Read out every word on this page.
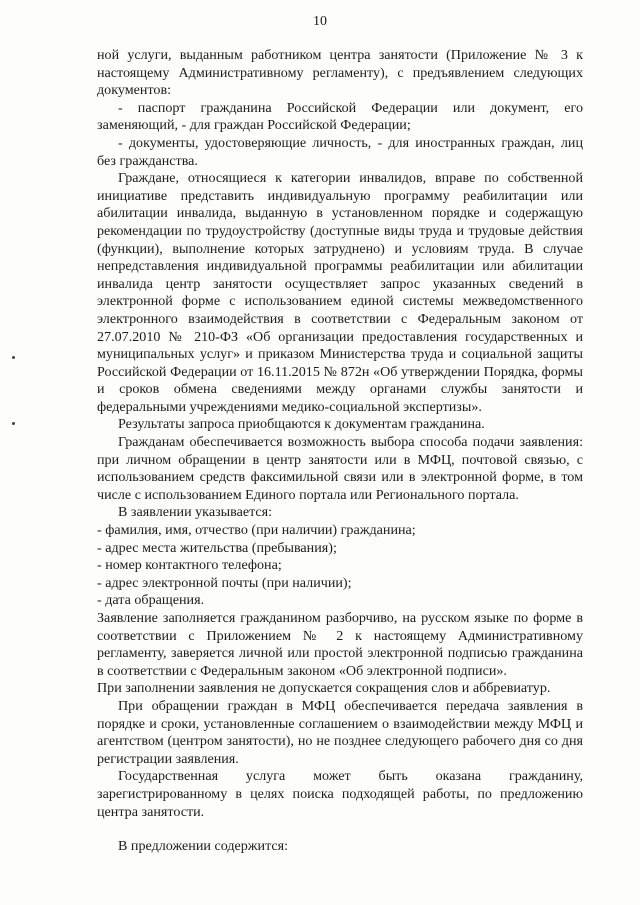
10

ной услуги, выданным работником центра занятости (Приложение № 3 к настоящему Административному регламенту), с предъявлением следующих документов:

- паспорт гражданина Российской Федерации или документ, его заменяющий, - для граждан Российской Федерации;

- документы, удостоверяющие личность, - для иностранных граждан, лиц без гражданства.

Граждане, относящиеся к категории инвалидов, вправе по собственной инициативе представить индивидуальную программу реабилитации или абилитации инвалида, выданную в установленном порядке и содержащую рекомендации по трудоустройству (доступные виды труда и трудовые действия (функции), выполнение которых затруднено) и условиям труда. В случае непредставления индивидуальной программы реабилитации или абилитации инвалида центр занятости осуществляет запрос указанных сведений в электронной форме с использованием единой системы межведомственного электронного взаимодействия в соответствии с Федеральным законом от 27.07.2010 № 210-ФЗ «Об организации предоставления государственных и муниципальных услуг» и приказом Министерства труда и социальной защиты Российской Федерации от 16.11.2015 № 872н «Об утверждении Порядка, формы и сроков обмена сведениями между органами службы занятости и федеральными учреждениями медико-социальной экспертизы».

Результаты запроса приобщаются к документам гражданина.

Гражданам обеспечивается возможность выбора способа подачи заявления: при личном обращении в центр занятости или в МФЦ, почтовой связью, с использованием средств факсимильной связи или в электронной форме, в том числе с использованием Единого портала или Регионального портала.

В заявлении указывается:

- фамилия, имя, отчество (при наличии) гражданина;

- адрес места жительства (пребывания);

- номер контактного телефона;

- адрес электронной почты (при наличии);

- дата обращения.

Заявление заполняется гражданином разборчиво, на русском языке по форме в соответствии с Приложением № 2 к настоящему Административному регламенту, заверяется личной или простой электронной подписью гражданина в соответствии с Федеральным законом «Об электронной подписи».

При заполнении заявления не допускается сокращения слов и аббревиатур.

При обращении граждан в МФЦ обеспечивается передача заявления в порядке и сроки, установленные соглашением о взаимодействии между МФЦ и агентством (центром занятости), но не позднее следующего рабочего дня со дня регистрации заявления.

Государственная услуга может быть оказана гражданину, зарегистрированному в целях поиска подходящей работы, по предложению центра занятости.

В предложении содержится:
